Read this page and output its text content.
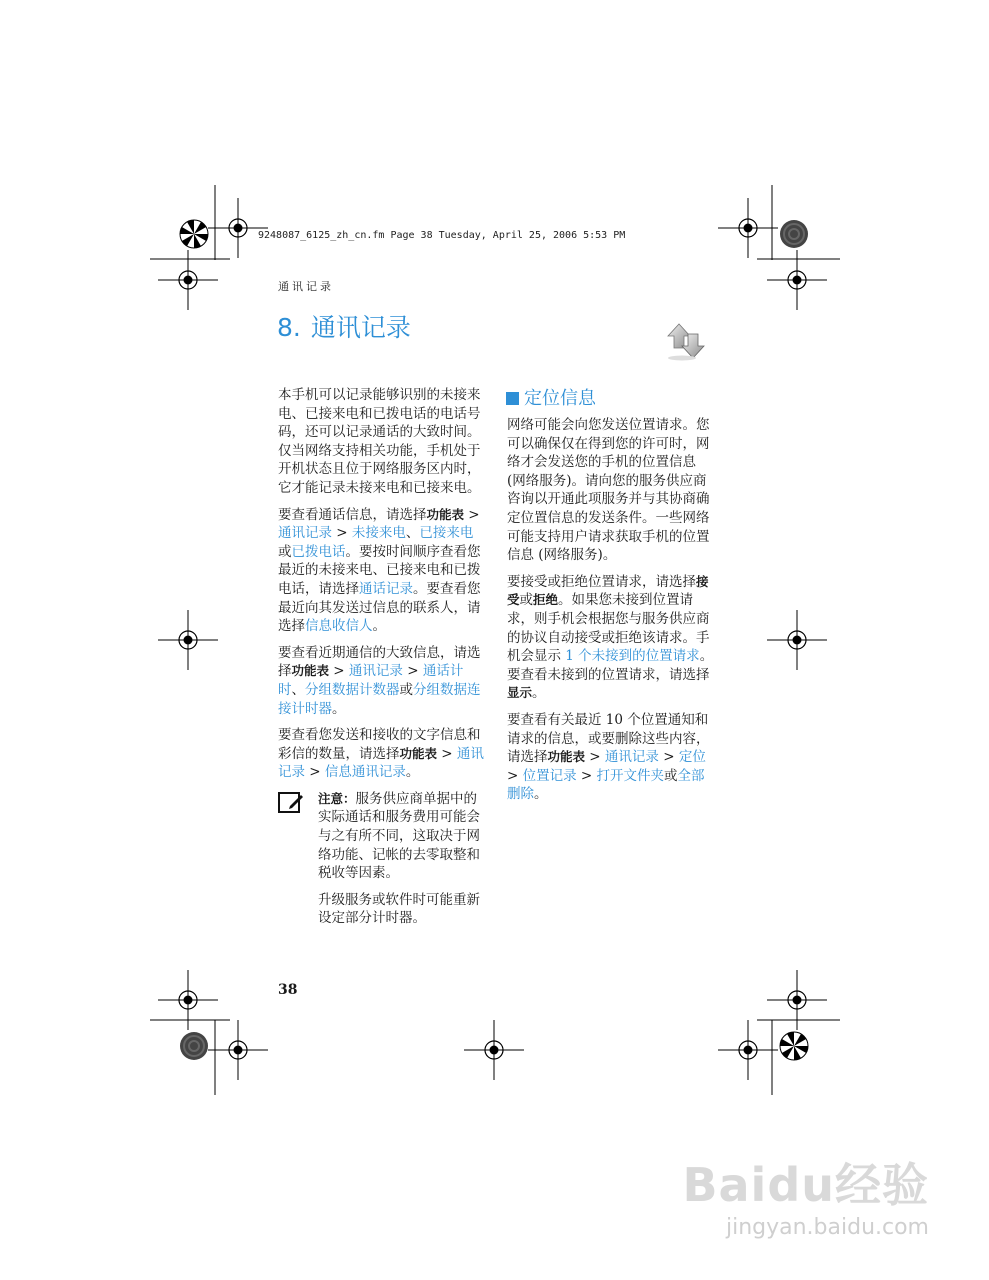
9248087_6125_zh_cn.fm Page 38 Tuesday, April 25, 2006 5:53 PM
通讯记录
8. 通讯记录

本手机可以记录能够识别的未接来电、已接来电和已拨电话的电话号码，还可以记录通话的大致时间。仅当网络支持相关功能，手机处于开机状态且位于网络服务区内时，它才能记录未接来电和已接来电。

要查看通话信息，请选择功能表 > 通讯记录 > 未接来电、已接来电或已拨电话。要按时间顺序查看您最近的未接来电、已接来电和已拨电话，请选择通话记录。要查看您最近向其发送过信息的联系人，请选择信息收信人。

要查看近期通信的大致信息，请选择功能表 > 通讯记录 > 通话计时、分组数据计数器或分组数据连接计时器。

要查看您发送和接收的文字信息和彩信的数量，请选择功能表 > 通讯记录 > 信息通讯记录。

注意：服务供应商单据中的实际通话和服务费用可能会与之有所不同，这取决于网络功能、记帐的去零取整和税收等因素。

升级服务或软件时可能重新设定部分计时器。

定位信息

网络可能会向您发送位置请求。您可以确保仅在得到您的许可时，网络才会发送您的手机的位置信息 (网络服务)。请向您的服务供应商咨询以开通此项服务并与其协商确定位置信息的发送条件。一些网络可能支持用户请求获取手机的位置信息 (网络服务)。

要接受或拒绝位置请求，请选择接受或拒绝。如果您未接到位置请求，则手机会根据您与服务供应商的协议自动接受或拒绝该请求。手机会显示 1 个未接到的位置请求。要查看未接到的位置请求，请选择显示。

要查看有关最近 10 个位置通知和请求的信息，或要删除这些内容，请选择功能表 > 通讯记录 > 定位 > 位置记录 > 打开文件夹或全部删除。

38
Baidu经验
jingyan.baidu.com
